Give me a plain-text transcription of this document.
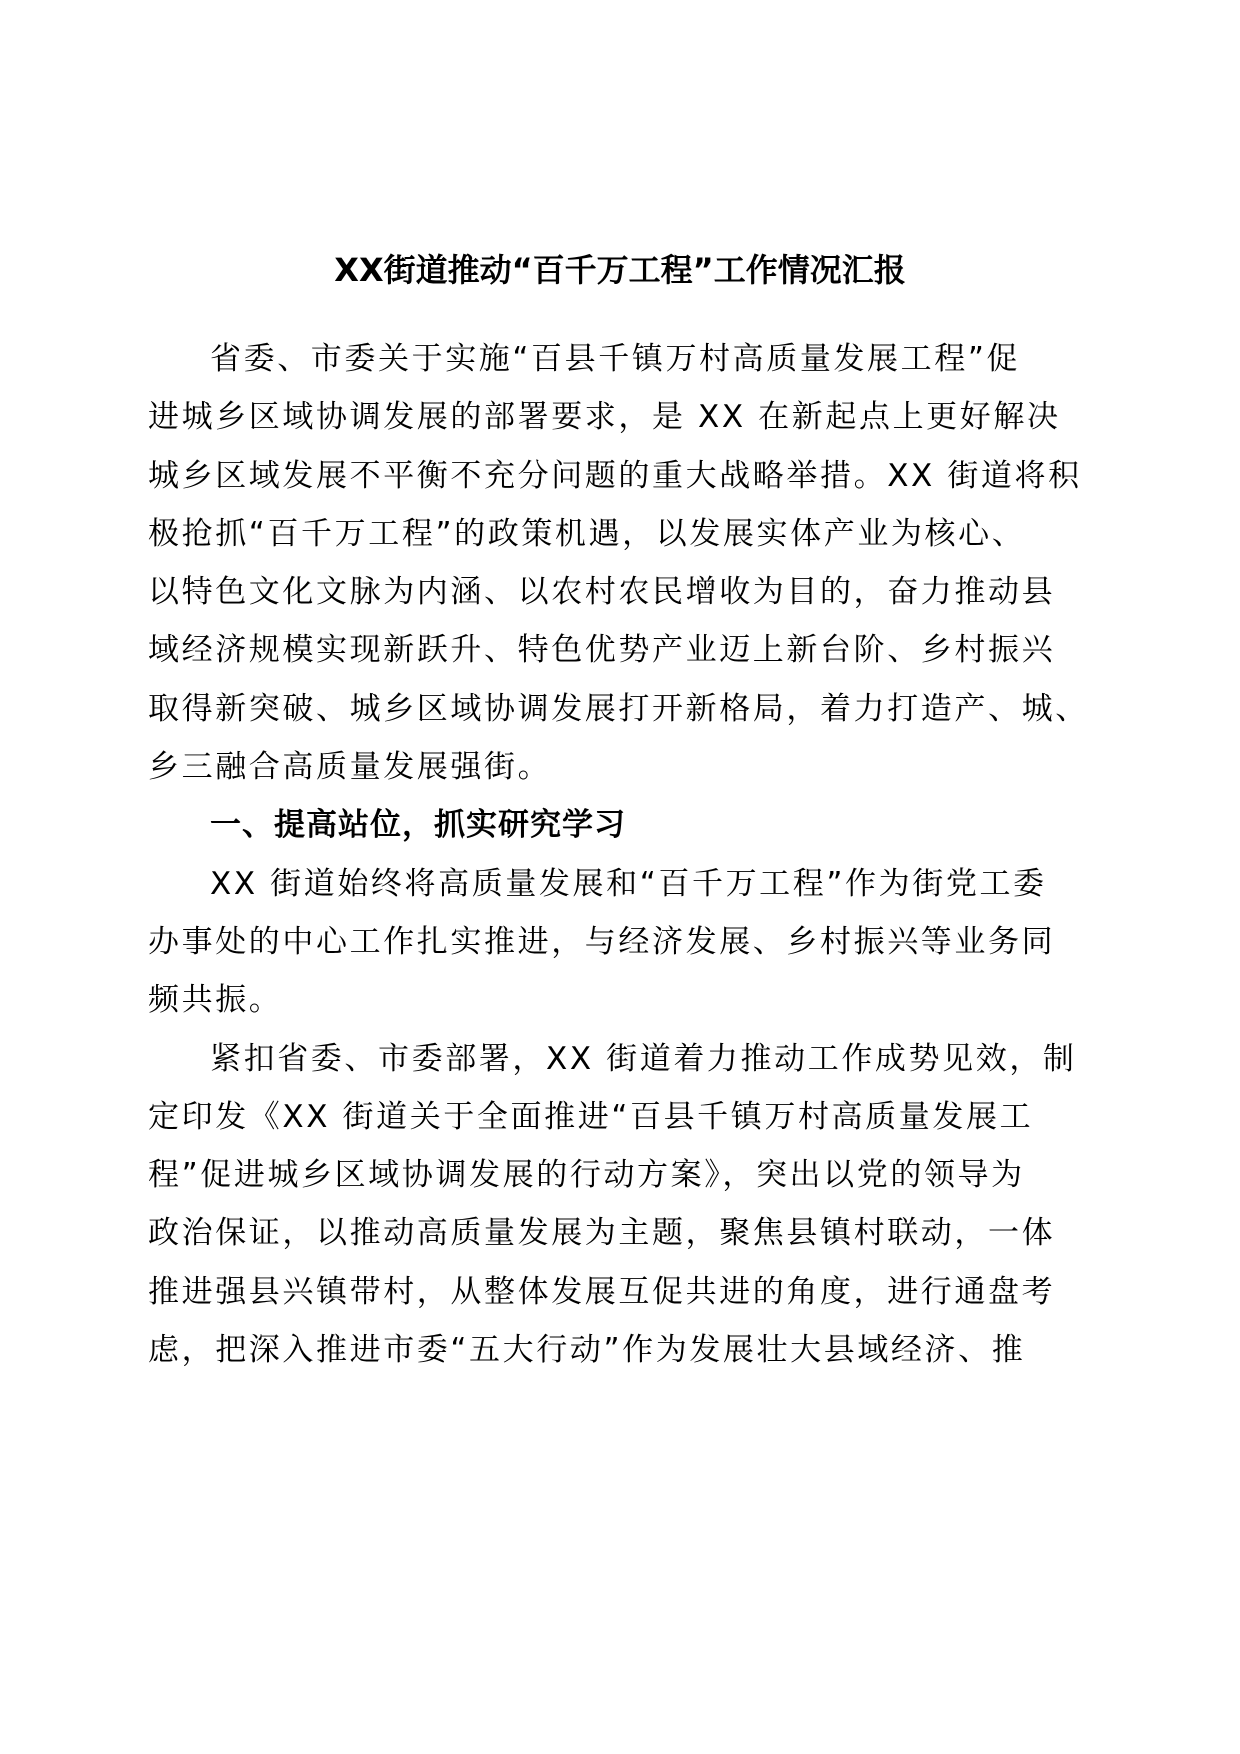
XX街道推动“百千万工程”工作情况汇报
省委、市委关于实施“百县千镇万村高质量发展工程”促
进城乡区域协调发展的部署要求，是 XX 在新起点上更好解决
城乡区域发展不平衡不充分问题的重大战略举措。XX 街道将积
极抢抓“百千万工程”的政策机遇，以发展实体产业为核心、
以特色文化文脉为内涵、以农村农民增收为目的，奋力推动县
域经济规模实现新跃升、特色优势产业迈上新台阶、乡村振兴
取得新突破、城乡区域协调发展打开新格局，着力打造产、城、
乡三融合高质量发展强街。
一、提高站位，抓实研究学习
XX 街道始终将高质量发展和“百千万工程”作为街党工委
办事处的中心工作扎实推进，与经济发展、乡村振兴等业务同
频共振。
紧扣省委、市委部署，XX 街道着力推动工作成势见效，制
定印发《XX 街道关于全面推进“百县千镇万村高质量发展工
程”促进城乡区域协调发展的行动方案》，突出以党的领导为
政治保证，以推动高质量发展为主题，聚焦县镇村联动，一体
推进强县兴镇带村，从整体发展互促共进的角度，进行通盘考
虑，把深入推进市委“五大行动”作为发展壮大县域经济、推
